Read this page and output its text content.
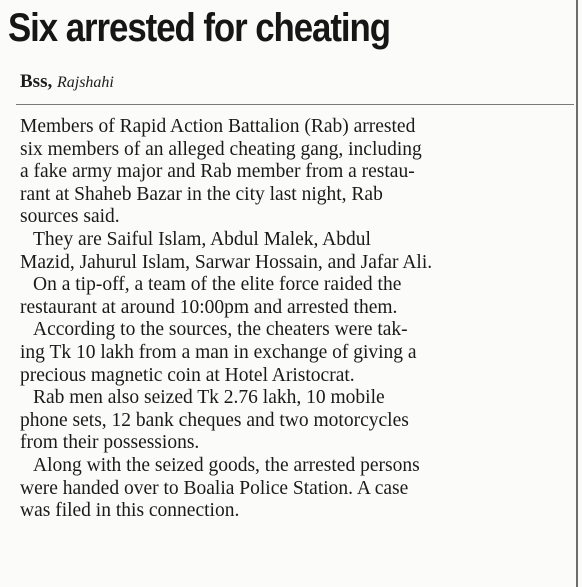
Six arrested for cheating
Bss, Rajshahi

Members of Rapid Action Battalion (Rab) arrested
six members of an alleged cheating gang, including
a fake army major and Rab member from a restau-
rant at Shaheb Bazar in the city last night, Rab
sources said.

They are Saiful Islam, Abdul Malek, Abdul
Mazid, Jahurul Islam, Sarwar Hossain, and Jafar Ali.

On a tip-off, a team of the elite force raided the
restaurant at around 10:00pm and arrested them.

According to the sources, the cheaters were tak-
ing Tk 10 lakh from a man in exchange of giving a
precious magnetic coin at Hotel Aristocrat.

Rab men also seized Tk 2.76 lakh, 10 mobile
phone sets, 12 bank cheques and two motorcycles
from their possessions.

Along with the seized goods, the arrested persons
were handed over to Boalia Police Station. A case
was filed in this connection.
